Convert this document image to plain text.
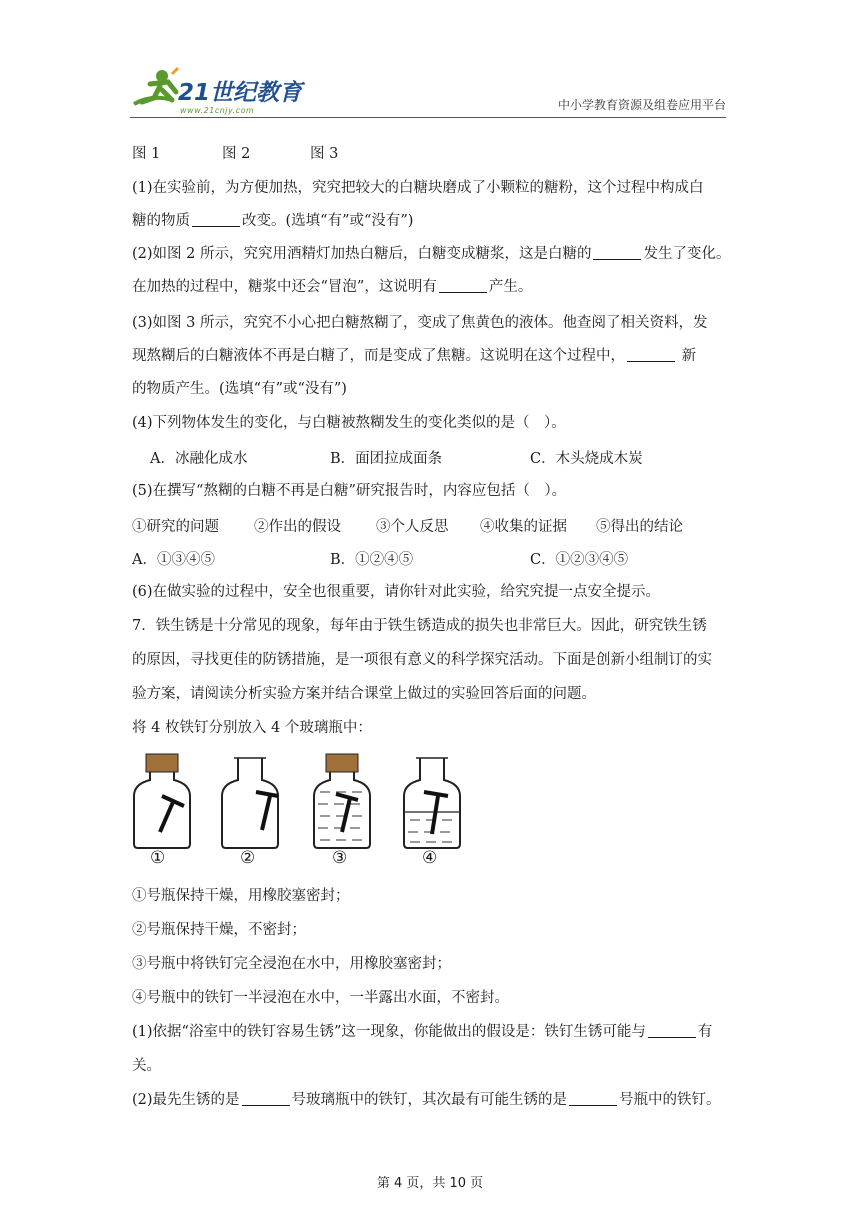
21世纪教育
www.21cnjy.com	中小学教育资源及组卷应用平台
图 1	图 2	图 3
(1)在实验前，为方便加热，究究把较大的白糖块磨成了小颗粒的糖粉，这个过程中构成白
糖的物质	改变。(选填“有”或“没有”)
(2)如图 2 所示，究究用酒精灯加热白糖后，白糖变成糖浆，这是白糖的	发生了变化。
在加热的过程中，糖浆中还会“冒泡”，这说明有	产生。
(3)如图 3 所示，究究不小心把白糖熬糊了，变成了焦黄色的液体。他查阅了相关资料，发
现熬糊后的白糖液体不再是白糖了，而是变成了焦糖。这说明在这个过程中，	新
的物质产生。(选填“有”或“没有”)
(4)下列物体发生的变化，与白糖被熬糊发生的变化类似的是（　）。
A．冰融化成水	B．面团拉成面条	C．木头烧成木炭
(5)在撰写“熬糊的白糖不再是白糖”研究报告时，内容应包括（　）。
①研究的问题 ②作出的假设 ③个人反思 ④收集的证据 ⑤得出的结论
A．①③④⑤	B．①②④⑤	C．①②③④⑤
(6)在做实验的过程中，安全也很重要，请你针对此实验，给究究提一点安全提示。
7．铁生锈是十分常见的现象，每年由于铁生锈造成的损失也非常巨大。因此，研究铁生锈
的原因，寻找更佳的防锈措施，是一项很有意义的科学探究活动。下面是创新小组制订的实
验方案，请阅读分析实验方案并结合课堂上做过的实验回答后面的问题。
将 4 枚铁钉分别放入 4 个玻璃瓶中：
①	②	③	④
①号瓶保持干燥，用橡胶塞密封；
②号瓶保持干燥，不密封；
③号瓶中将铁钉完全浸泡在水中，用橡胶塞密封；
④号瓶中的铁钉一半浸泡在水中，一半露出水面，不密封。
(1)依据“浴室中的铁钉容易生锈”这一现象，你能做出的假设是：铁钉生锈可能与	有
关。
(2)最先生锈的是	号玻璃瓶中的铁钉，其次最有可能生锈的是	号瓶中的铁钉。
第 4 页，共 10 页
